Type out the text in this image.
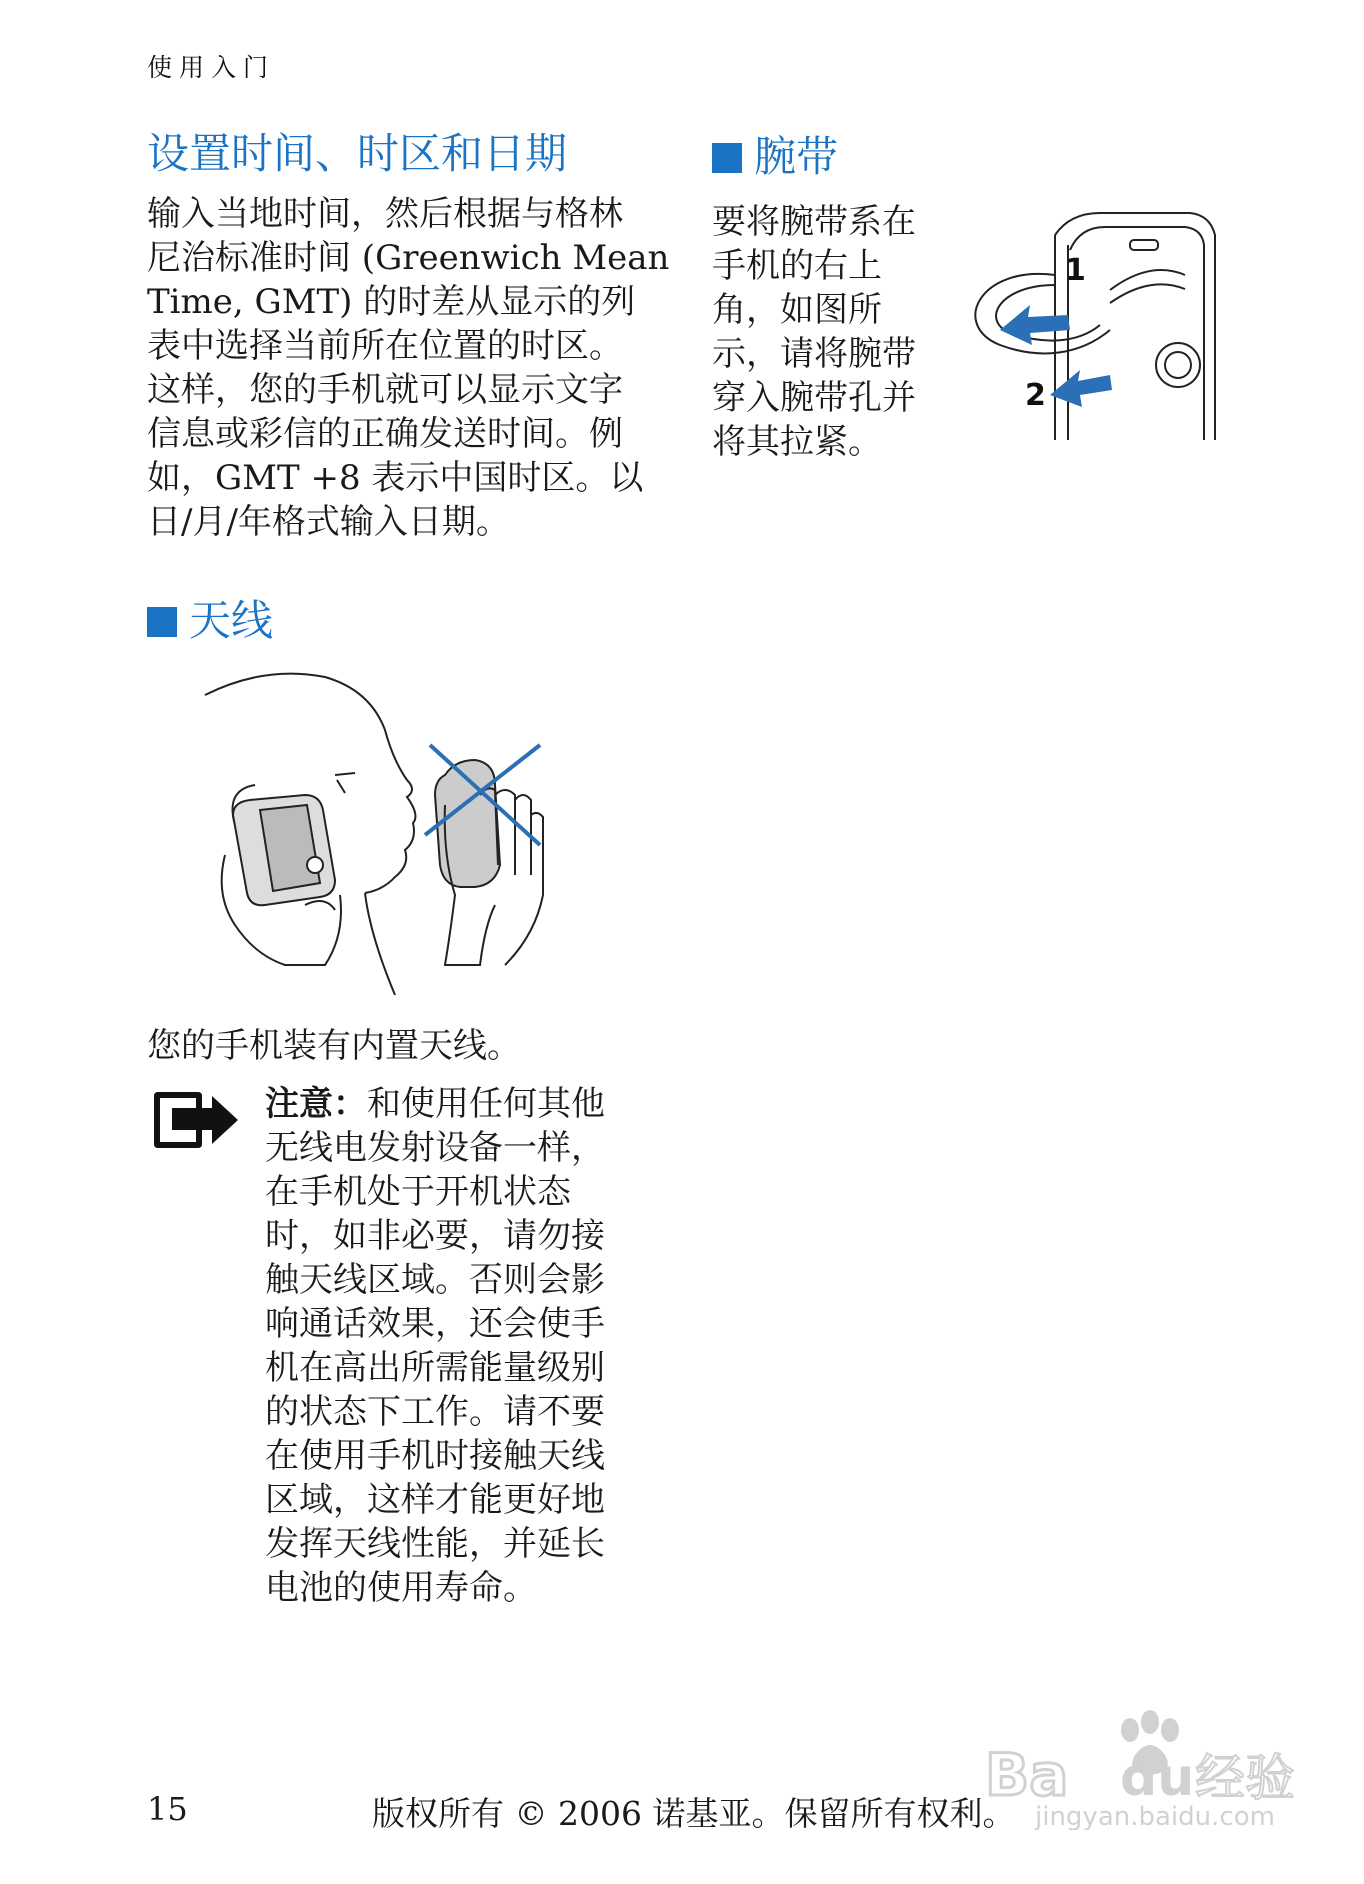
使用入门
设置时间、时区和日期
输入当地时间，然后根据与格林
尼治标准时间 (Greenwich Mean
Time, GMT) 的时差从显示的列
表中选择当前所在位置的时区。
这样，您的手机就可以显示文字
信息或彩信的正确发送时间。例
如，GMT +8 表示中国时区。以
日/月/年格式输入日期。
腕带
要将腕带系在
手机的右上
角，如图所
示，请将腕带
穿入腕带孔并
将其拉紧。
1
2
天线
您的手机装有内置天线。
注意：和使用任何其他
无线电发射设备一样，
在手机处于开机状态
时，如非必要，请勿接
触天线区域。否则会影
响通话效果，还会使手
机在高出所需能量级别
的状态下工作。请不要
在使用手机时接触天线
区域，这样才能更好地
发挥天线性能，并延长
电池的使用寿命。
15	版权所有 © 2006 诺基亚。保留所有权利。
Ba du 经验
jingyan.baidu.com
